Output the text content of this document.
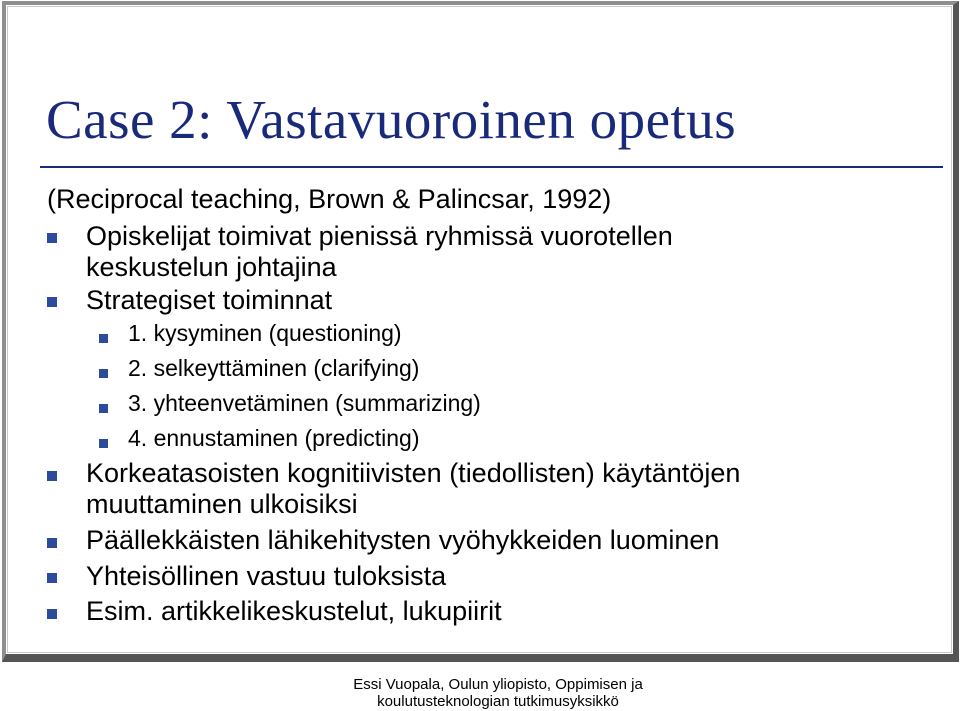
Case 2: Vastavuoroinen opetus
(Reciprocal teaching, Brown & Palincsar, 1992)
Opiskelijat toimivat pienissä ryhmissä vuorotellen
keskustelun johtajina
Strategiset toiminnat
1. kysyminen (questioning)
2. selkeyttäminen (clarifying)
3. yhteenvetäminen (summarizing)
4. ennustaminen (predicting)
Korkeatasoisten kognitiivisten (tiedollisten) käytäntöjen
muuttaminen ulkoisiksi
Päällekkäisten lähikehitysten vyöhykkeiden luominen
Yhteisöllinen vastuu tuloksista
Esim. artikkelikeskustelut, lukupiirit
Essi Vuopala, Oulun yliopisto, Oppimisen ja
koulutusteknologian tutkimusyksikkö
